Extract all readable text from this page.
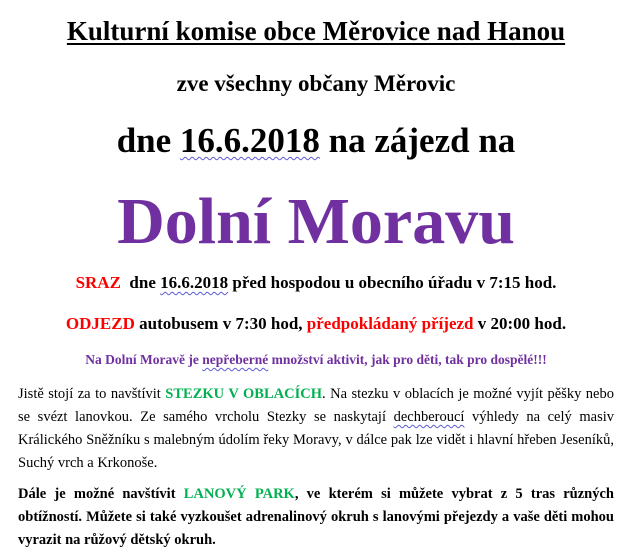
Kulturní komise obce Měrovice nad Hanou
zve všechny občany Měrovic
dne 16.6.2018 na zájezd na
Dolní Moravu
SRAZ  dne 16.6.2018 před hospodou u obecního úřadu v 7:15 hod.
ODJEZD autobusem v 7:30 hod, předpokládaný příjezd v 20:00 hod.
Na Dolní Moravě je nepřeberné množství aktivit, jak pro děti, tak pro dospělé!!!
Jistě stojí za to navštívit STEZKU V OBLACÍCH. Na stezku v oblacích je možné vyjít pěšky nebo se svézt lanovkou. Ze samého vrcholu Stezky se naskytají dechberoucí výhledy na celý masiv Králického Sněžníku s malebným údolím řeky Moravy, v dálce pak lze vidět i hlavní hřeben Jeseníků, Suchý vrch a Krkonoše.
Dále je možné navštívit LANOVÝ PARK, ve kterém si můžete vybrat z 5 tras různých obtížností. Můžete si také vyzkoušet adrenalinový okruh s lanovými přejezdy a vaše děti mohou vyrazit na růžový dětský okruh.
